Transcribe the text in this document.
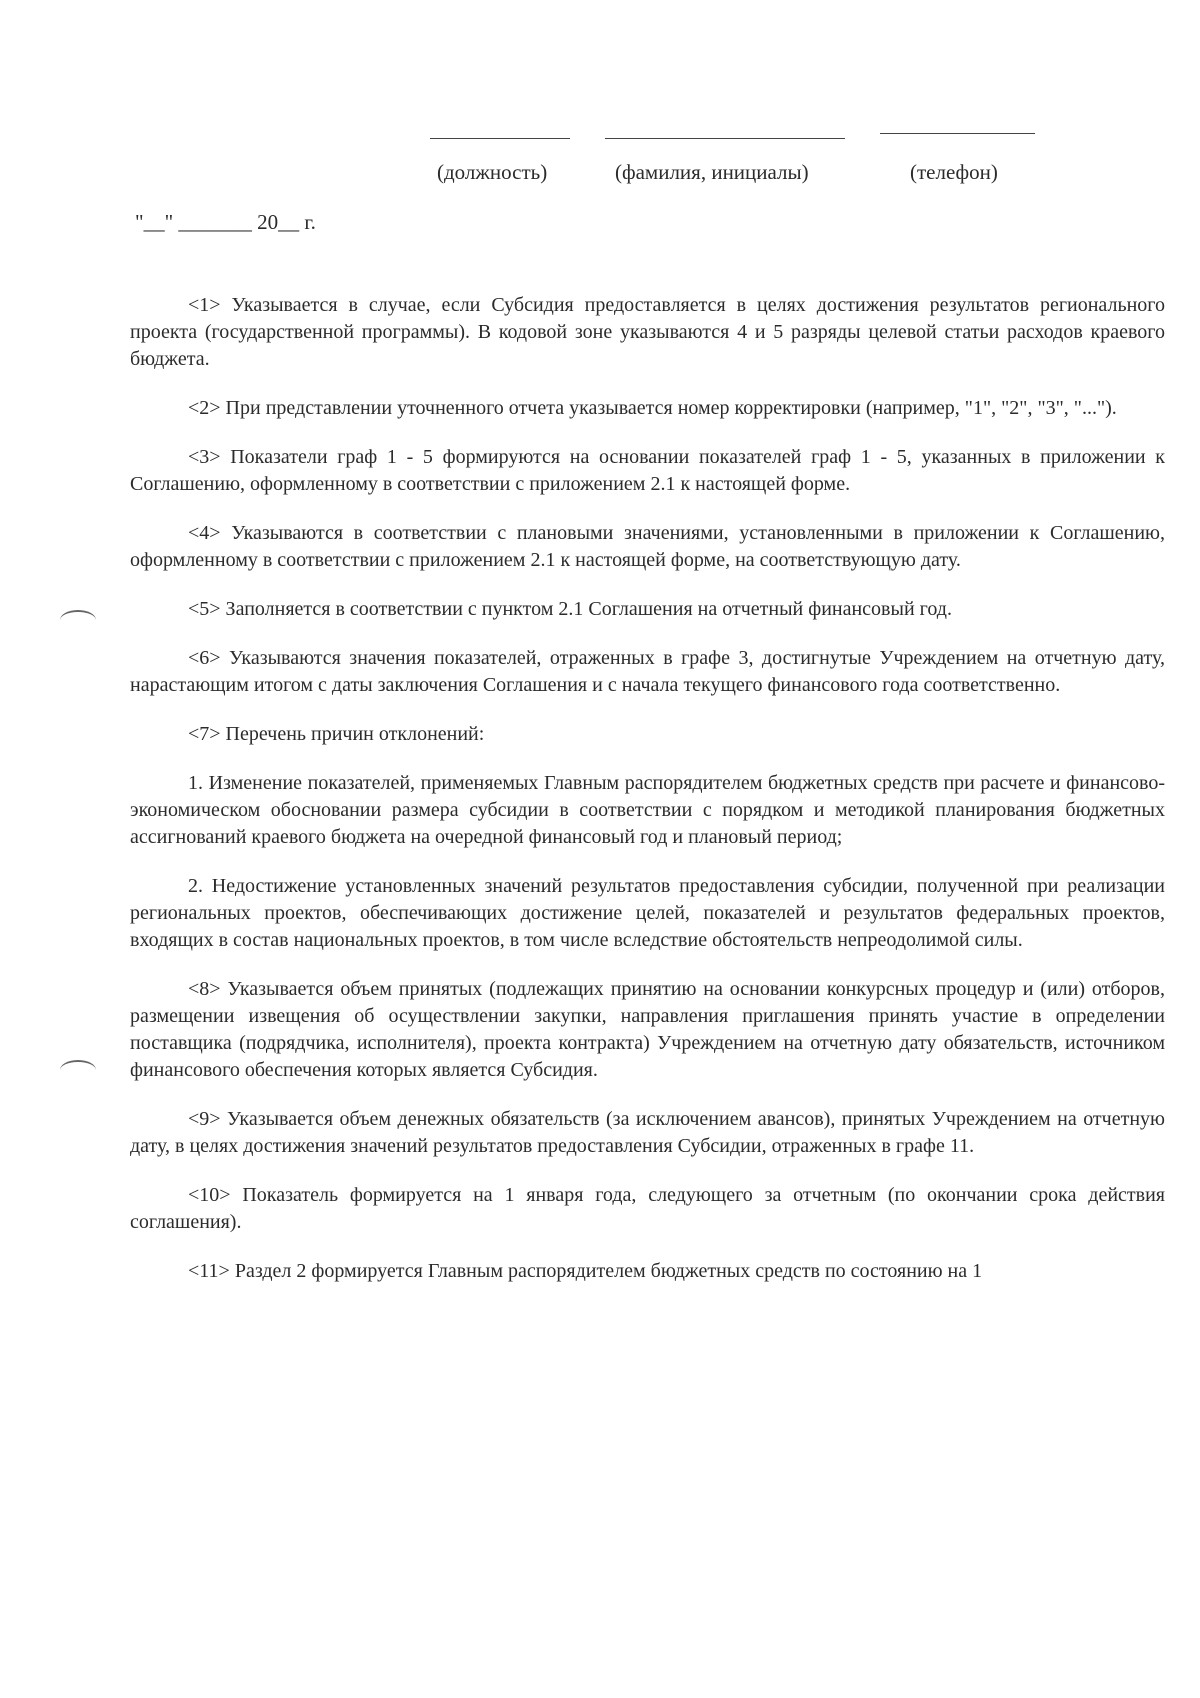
(должность)	(фамилия, инициалы)	(телефон)
"__" _______ 20__ г.

<1> Указывается в случае, если Субсидия предоставляется в целях достижения результатов регионального проекта (государственной программы). В кодовой зоне указываются 4 и 5 разряды целевой статьи расходов краевого бюджета.

<2> При представлении уточненного отчета указывается номер корректировки (например, "1", "2", "3", "...").

<3> Показатели граф 1 - 5 формируются на основании показателей граф 1 - 5, указанных в приложении к Соглашению, оформленному в соответствии с приложением 2.1 к настоящей форме.

<4> Указываются в соответствии с плановыми значениями, установленными в приложении к Соглашению, оформленному в соответствии с приложением 2.1 к настоящей форме, на соответствующую дату.

<5> Заполняется в соответствии с пунктом 2.1 Соглашения на отчетный финансовый год.

<6> Указываются значения показателей, отраженных в графе 3, достигнутые Учреждением на отчетную дату, нарастающим итогом с даты заключения Соглашения и с начала текущего финансового года соответственно.

<7> Перечень причин отклонений:

1. Изменение показателей, применяемых Главным распорядителем бюджетных средств при расчете и финансово-экономическом обосновании размера субсидии в соответствии с порядком и методикой планирования бюджетных ассигнований краевого бюджета на очередной финансовый год и плановый период;

2. Недостижение установленных значений результатов предоставления субсидии, полученной при реализации региональных проектов, обеспечивающих достижение целей, показателей и результатов федеральных проектов, входящих в состав национальных проектов, в том числе вследствие обстоятельств непреодолимой силы.

<8> Указывается объем принятых (подлежащих принятию на основании конкурсных процедур и (или) отборов, размещении извещения об осуществлении закупки, направления приглашения принять участие в определении поставщика (подрядчика, исполнителя), проекта контракта) Учреждением на отчетную дату обязательств, источником финансового обеспечения которых является Субсидия.

<9> Указывается объем денежных обязательств (за исключением авансов), принятых Учреждением на отчетную дату, в целях достижения значений результатов предоставления Субсидии, отраженных в графе 11.

<10> Показатель формируется на 1 января года, следующего за отчетным (по окончании срока действия соглашения).

<11> Раздел 2 формируется Главным распорядителем бюджетных средств по состоянию на 1
